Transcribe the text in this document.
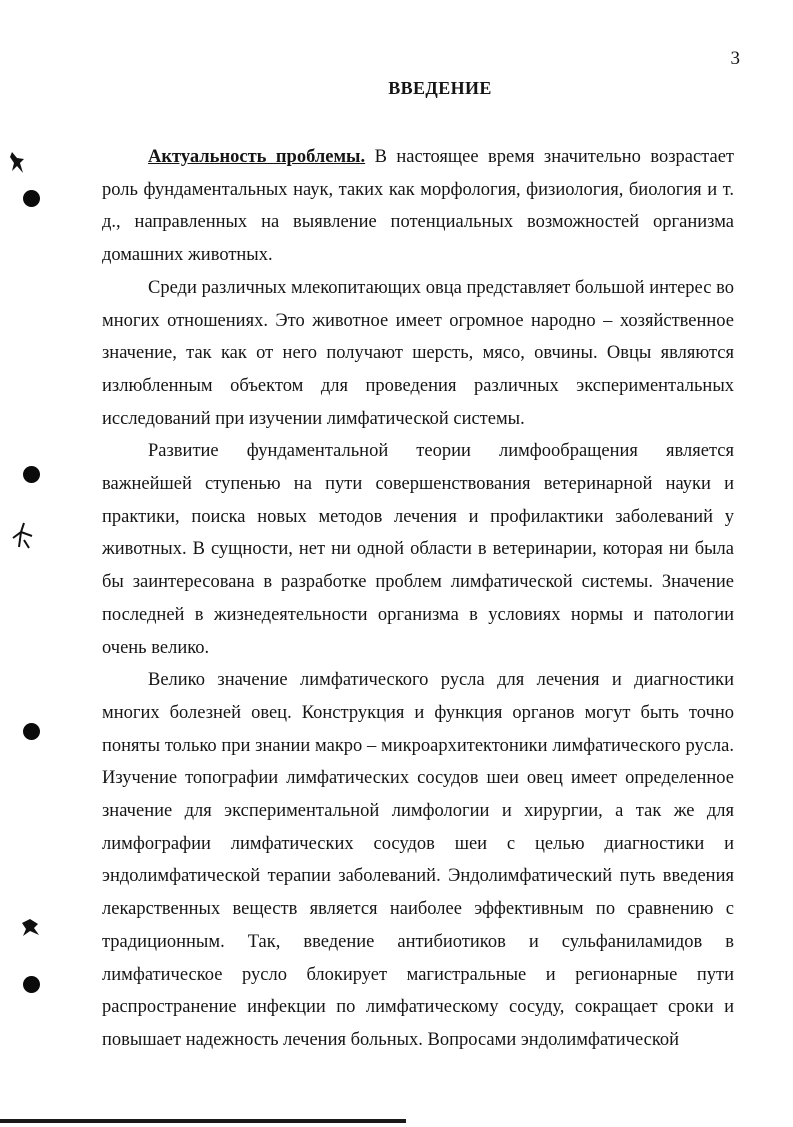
3
ВВЕДЕНИЕ

Актуальность проблемы. В настоящее время значительно возрастает роль фундаментальных наук, таких как морфология, физиология, биология и т. д., направленных на выявление потенциальных возможностей организма домашних животных.

Среди различных млекопитающих овца представляет большой интерес во многих отношениях. Это животное имеет огромное народно – хозяйственное значение, так как от него получают шерсть, мясо, овчины. Овцы являются излюбленным объектом для проведения различных экспериментальных исследований при изучении лимфатической системы.

Развитие фундаментальной теории лимфообращения является важнейшей ступенью на пути совершенствования ветеринарной науки и практики, поиска новых методов лечения и профилактики заболеваний у животных. В сущности, нет ни одной области в ветеринарии, которая ни была бы заинтересована в разработке проблем лимфатической системы. Значение последней в жизнедеятельности организма в условиях нормы и патологии очень велико.

Велико значение лимфатического русла для лечения и диагностики многих болезней овец. Конструкция и функция органов могут быть точно поняты только при знании макро – микроархитектоники лимфатического русла. Изучение топографии лимфатических сосудов шеи овец имеет определенное значение для экспериментальной лимфологии и хирургии, а так же для лимфографии лимфатических сосудов шеи с целью диагностики и эндолимфатической терапии заболеваний. Эндолимфатический путь введения лекарственных веществ является наиболее эффективным по сравнению с традиционным. Так, введение антибиотиков и сульфаниламидов в лимфатическое русло блокирует магистральные и регионарные пути распространение инфекции по лимфатическому сосуду, сокращает сроки и повышает надежность лечения больных. Вопросами эндолимфатической
